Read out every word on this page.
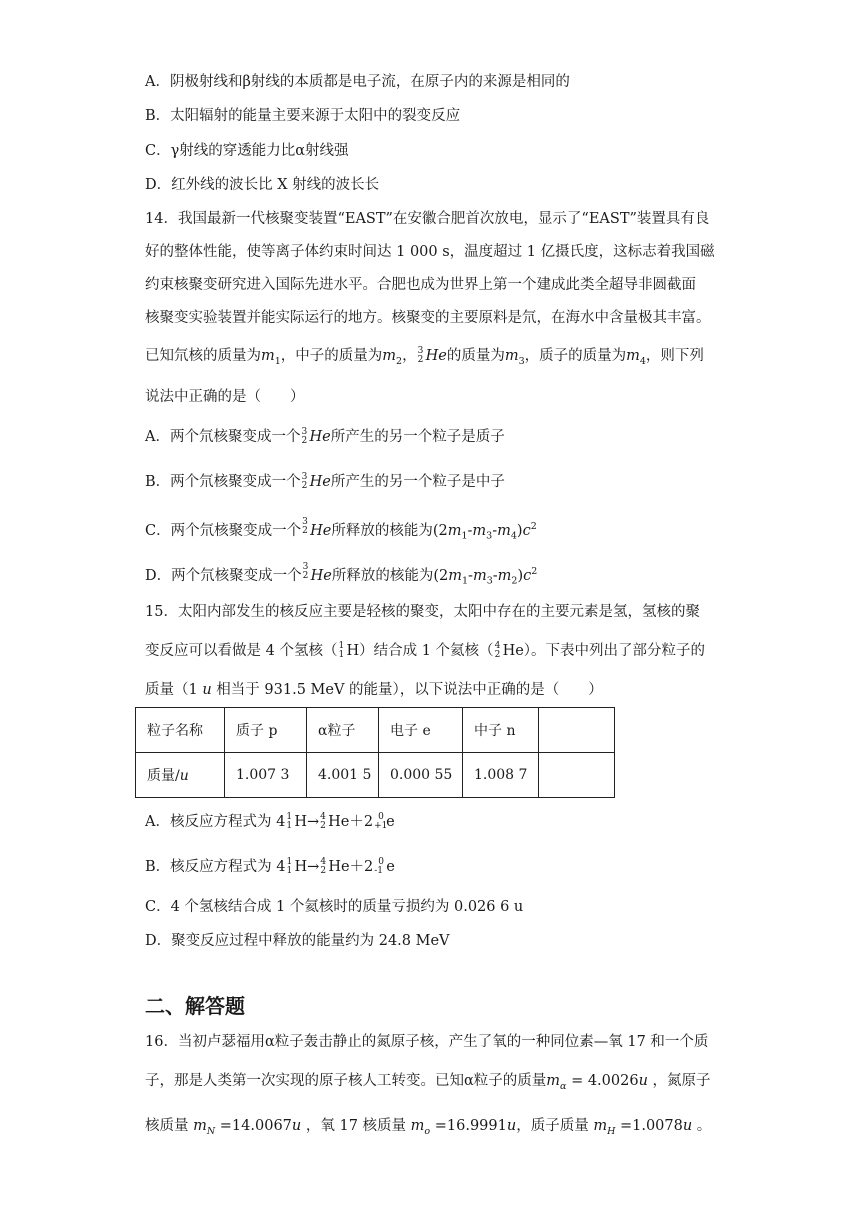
A．阴极射线和β射线的本质都是电子流，在原子内的来源是相同的
B．太阳辐射的能量主要来源于太阳中的裂变反应
C．γ射线的穿透能力比α射线强
D．红外线的波长比 X 射线的波长长
14．我国最新一代核聚变装置“EAST”在安徽合肥首次放电，显示了“EAST”装置具有良
好的整体性能，使等离子体约束时间达 1 000 s，温度超过 1 亿摄氏度，这标志着我国磁
约束核聚变研究进入国际先进水平。合肥也成为世界上第一个建成此类全超导非圆截面
核聚变实验装置并能实际运行的地方。核聚变的主要原料是氘，在海水中含量极其丰富。
已知氘核的质量为$m_1$，中子的质量为$m_2$， 3
2 He的质量为$m_3$，质子的质量为$m_4$，则下列
说法中正确的是（　　）
A．两个氘核聚变成一个 3
2 He所产生的另一个粒子是质子
B．两个氘核聚变成一个 3
2 He所产生的另一个粒子是中子
C．两个氘核聚变成一个
3
2 He所释放的核能为$(2m_1-m_3-m_4)c^2$
D．两个氘核聚变成一个
3
2 He所释放的核能为$(2m_1-m_3-m_2)c^2$
15．太阳内部发生的核反应主要是轻核的聚变，太阳中存在的主要元素是氢，氢核的聚
变反应可以看做是 4 个氢核（ 1
1 H）结合成 1 个氦核（ 4
2 He）。下表中列出了部分粒子的
质量（1 u 相当于 931.5 MeV 的能量），以下说法中正确的是（　　）
粒子名称	质子 p	α粒子	电子 e	中子 n	
质量/u	1.007 3	4.001 5	0.000 55	1.008 7	
A．核反应方程式为 4 1
1 H→ 4
2 He＋2 0
+1
e
B．核反应方程式为 4 1
1 H→ 4
2 He＋2 0
-1 e
C．4 个氢核结合成 1 个氦核时的质量亏损约为 0.026 6 u
D．聚变反应过程中释放的能量约为 24.8 MeV
二、解答题
16．当初卢瑟福用α粒子轰击静止的氮原子核，产生了氧的一种同位素—氧 17 和一个质
子，那是人类第一次实现的原子核人工转变。已知α粒子的质量$m_\alpha = 4.0026u$ ，氮原子
核质量 $m_N =14.0067u$ ，氧 17 核质量 $m_o =16.9991u$，质子质量 $m_H =1.0078u$ 。
